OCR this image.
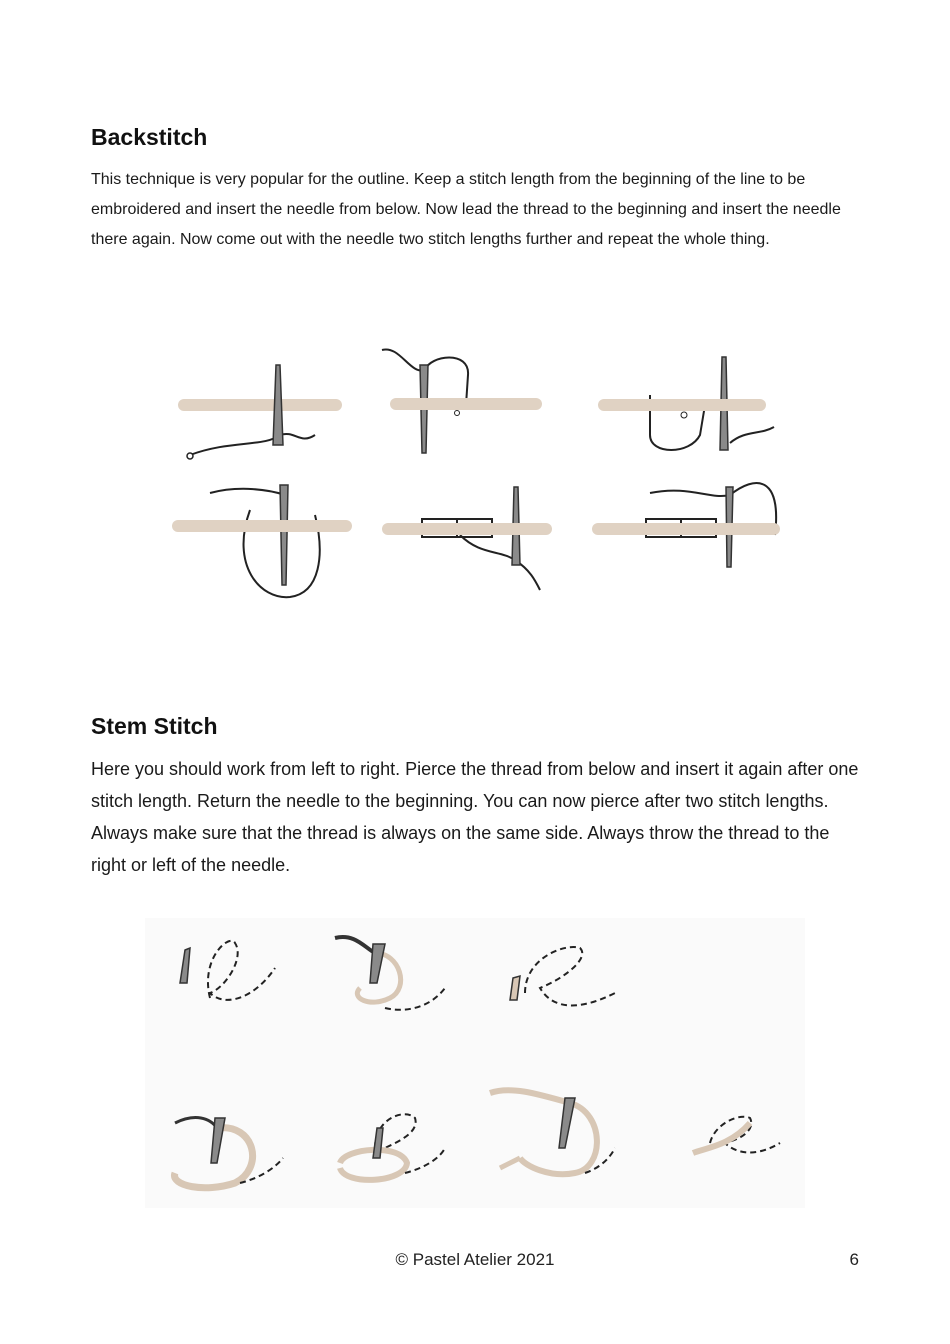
Backstitch

This technique is very popular for the outline. Keep a stitch length from the beginning of the line to be embroidered and insert the needle from below. Now lead the thread to the beginning and insert the needle there again. Now come out with the needle two stitch lengths further and repeat the whole thing.

Stem Stitch

Here you should work from left to right. Pierce the thread from below and insert it again after one stitch length. Return the needle to the beginning. You can now pierce after two stitch lengths. Always make sure that the thread is always on the same side. Always throw the thread to the right or left of the needle.

© Pastel Atelier 2021	6
